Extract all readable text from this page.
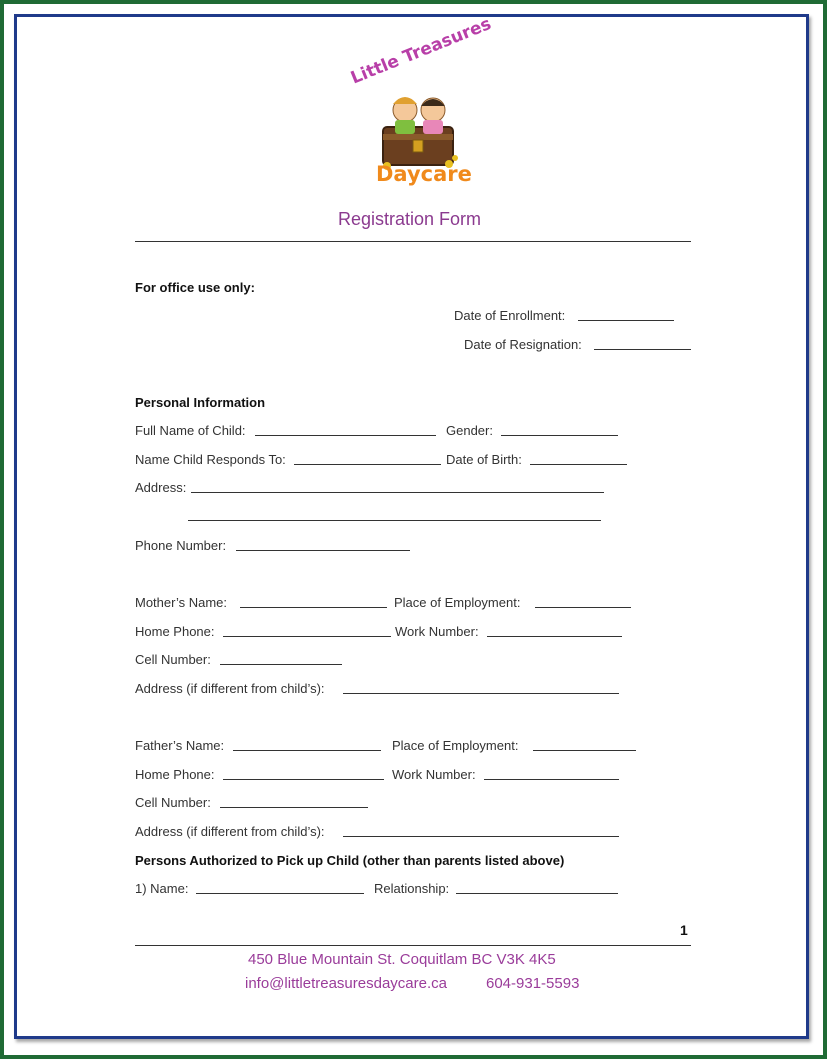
Little Treasures
Daycare
Registration Form
For office use only:
Date of Enrollment:
Date of Resignation:
Personal Information
Full Name of Child:	Gender:
Name Child Responds To:	Date of Birth:
Address:
Phone Number:
Mother’s Name:	Place of Employment:
Home Phone:	Work Number:
Cell Number:
Address (if different from child’s):
Father’s Name:	Place of Employment:
Home Phone:	Work Number:
Cell Number:
Address (if different from child’s):
Persons Authorized to Pick up Child (other than parents listed above)
1) Name:	Relationship:
1
450 Blue Mountain St. Coquitlam BC V3K 4K5
info@littletreasuresdaycare.ca	604-931-5593
